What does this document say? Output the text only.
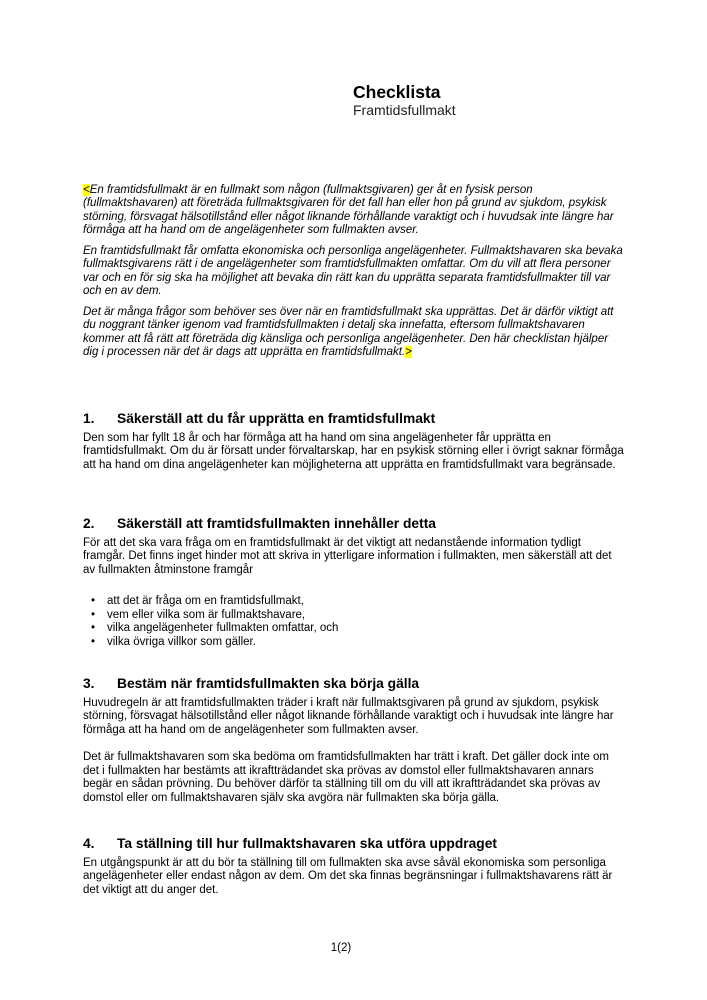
Checklista
Framtidsfullmakt

<En framtidsfullmakt är en fullmakt som någon (fullmaktsgivaren) ger åt en fysisk person (fullmaktshavaren) att företräda fullmaktsgivaren för det fall han eller hon på grund av sjukdom, psykisk störning, försvagat hälsotillstånd eller något liknande förhållande varaktigt och i huvudsak inte längre har förmåga att ha hand om de angelägenheter som fullmakten avser.

En framtidsfullmakt får omfatta ekonomiska och personliga angelägenheter. Fullmaktshavaren ska bevaka fullmaktsgivarens rätt i de angelägenheter som framtidsfullmakten omfattar. Om du vill att flera personer var och en för sig ska ha möjlighet att bevaka din rätt kan du upprätta separata framtidsfullmakter till var och en av dem.

Det är många frågor som behöver ses över när en framtidsfullmakt ska upprättas. Det är därför viktigt att du noggrant tänker igenom vad framtidsfullmakten i detalj ska innefatta, eftersom fullmaktshavaren kommer att få rätt att företräda dig känsliga och personliga angelägenheter. Den här checklistan hjälper dig i processen när det är dags att upprätta en framtidsfullmakt.>

1. Säkerställ att du får upprätta en framtidsfullmakt

Den som har fyllt 18 år och har förmåga att ha hand om sina angelägenheter får upprätta en framtidsfullmakt. Om du är försatt under förvaltarskap, har en psykisk störning eller i övrigt saknar förmåga att ha hand om dina angelägenheter kan möjligheterna att upprätta en framtidsfullmakt vara begränsade.

2. Säkerställ att framtidsfullmakten innehåller detta

För att det ska vara fråga om en framtidsfullmakt är det viktigt att nedanstående information tydligt framgår. Det finns inget hinder mot att skriva in ytterligare information i fullmakten, men säkerställ att det av fullmakten åtminstone framgår

• att det är fråga om en framtidsfullmakt,
• vem eller vilka som är fullmaktshavare,
• vilka angelägenheter fullmakten omfattar, och
• vilka övriga villkor som gäller.
3. Bestäm när framtidsfullmakten ska börja gälla

Huvudregeln är att framtidsfullmakten träder i kraft när fullmaktsgivaren på grund av sjukdom, psykisk störning, försvagat hälsotillstånd eller något liknande förhållande varaktigt och i huvudsak inte längre har förmåga att ha hand om de angelägenheter som fullmakten avser.

Det är fullmaktshavaren som ska bedöma om framtidsfullmakten har trätt i kraft. Det gäller dock inte om det i fullmakten har bestämts att ikraftträdandet ska prövas av domstol eller fullmaktshavaren annars begär en sådan prövning. Du behöver därför ta ställning till om du vill att ikraftträdandet ska prövas av domstol eller om fullmaktshavaren själv ska avgöra när fullmakten ska börja gälla.

4. Ta ställning till hur fullmaktshavaren ska utföra uppdraget

En utgångspunkt är att du bör ta ställning till om fullmakten ska avse såväl ekonomiska som personliga angelägenheter eller endast någon av dem. Om det ska finnas begränsningar i fullmaktshavarens rätt är det viktigt att du anger det.

1(2)
